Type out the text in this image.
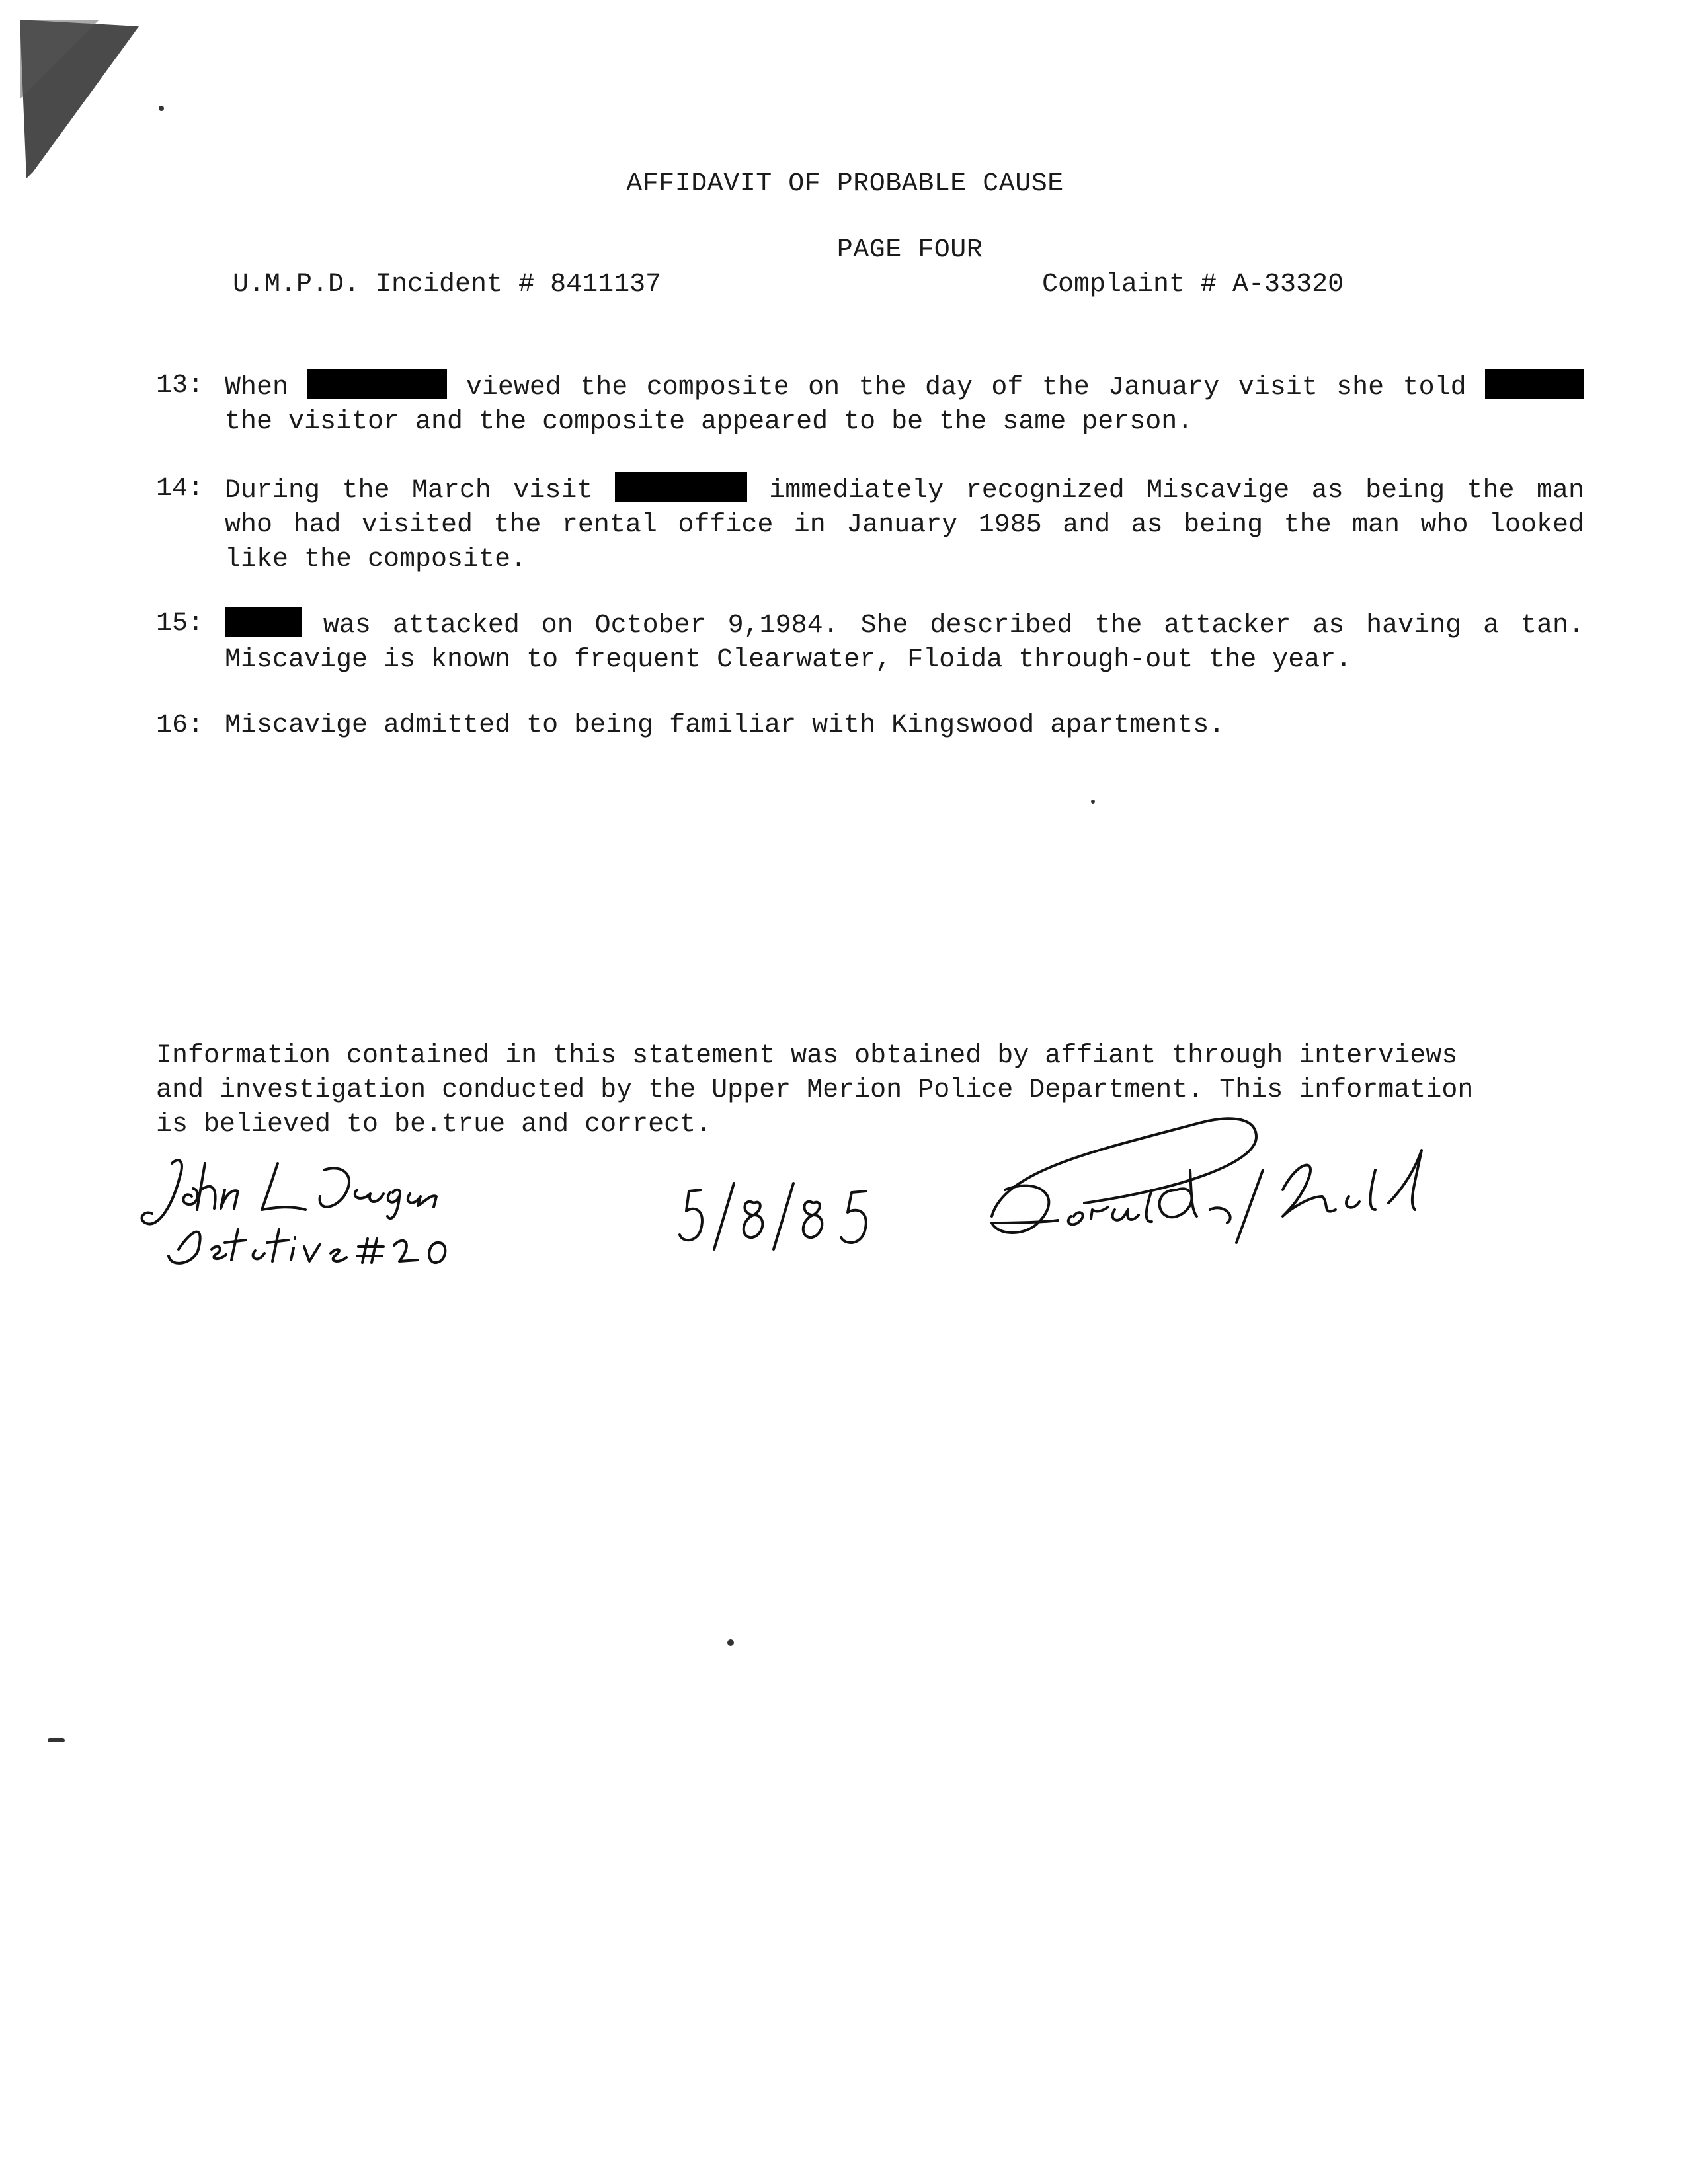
AFFIDAVIT OF PROBABLE CAUSE
PAGE FOUR
U.M.P.D. Incident # 8411137	Complaint # A-33320
13: When	viewed the composite on the day of the January visit she told
the visitor and the composite appeared to be the same person.
14: During the March visit	immediately recognized Miscavige as being the man
who had visited the rental office in January 1985 and as being the man who looked
like the composite.
15:	was attacked on October 9,1984. She described the attacker as having a tan.
Miscavige is known to frequent Clearwater, Floida through-out the year.
16: Miscavige admitted to being familiar with Kingswood apartments.
Information contained in this statement was obtained by affiant through interviews
and investigation conducted by the Upper Merion Police Department. This information
is believed to be.true and correct.
